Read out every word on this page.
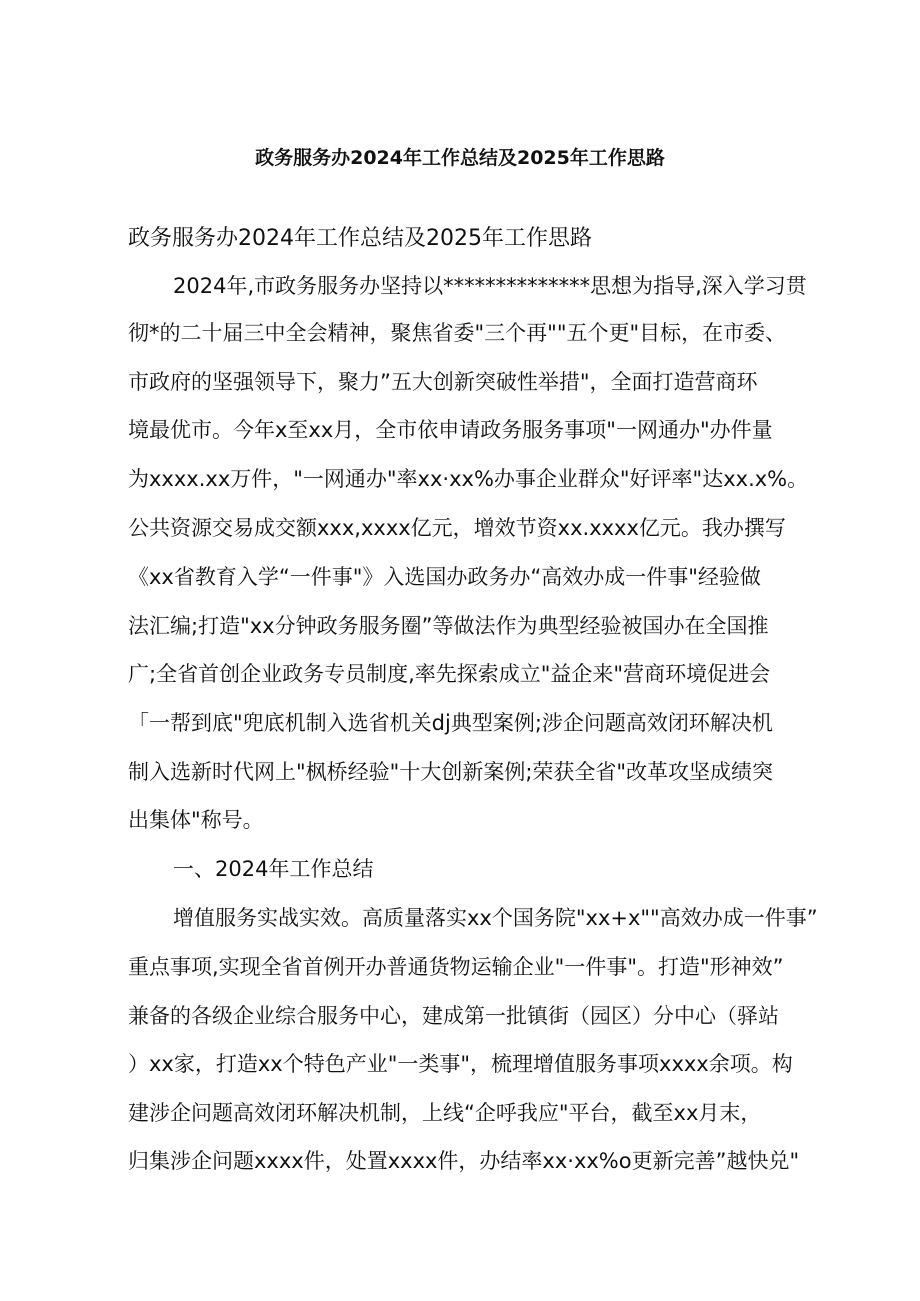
政务服务办2024年工作总结及2025年工作思路
政务服务办2024年工作总结及2025年工作思路
2024年,市政务服务办坚持以**************思想为指导,深入学习贯
彻*的二十届三中全会精神，聚焦省委"三个再""五个更"目标，在市委、
市政府的坚强领导下，聚力”五大创新突破性举措"，全面打造营商环
境最优市。今年x至xx月，全市依申请政务服务事项"一网通办"办件量
为xxxx.xx万件，"一网通办"率xx·xx%办事企业群众"好评率"达xx.x%。
公共资源交易成交额xxx,xxxx亿元，增效节资xx.xxxx亿元。我办撰写
《xx省教育入学“一件事"》入选国办政务办“高效办成一件事"经验做
法汇编;打造"xx分钟政务服务圈”等做法作为典型经验被国办在全国推
广;全省首创企业政务专员制度,率先探索成立"益企来"营商环境促进会
「一帮到底"兜底机制入选省机关dj典型案例;涉企问题高效闭环解决机
制入选新时代网上"枫桥经验"十大创新案例;荣获全省"改革攻坚成绩突
出集体"称号。
一、2024年工作总结
增值服务实战实效。高质量落实xx个国务院"xx+x""高效办成一件事”
重点事项,实现全省首例开办普通货物运输企业"一件事"。打造"形神效”
兼备的各级企业综合服务中心，建成第一批镇街（园区）分中心（驿站
）xx家，打造xx个特色产业"一类事"，梳理增值服务事项xxxx余项。构
建涉企问题高效闭环解决机制，上线“企呼我应"平台，截至xx月末，
归集涉企问题xxxx件，处置xxxx件，办结率xx·xx%o更新完善”越快兑"
